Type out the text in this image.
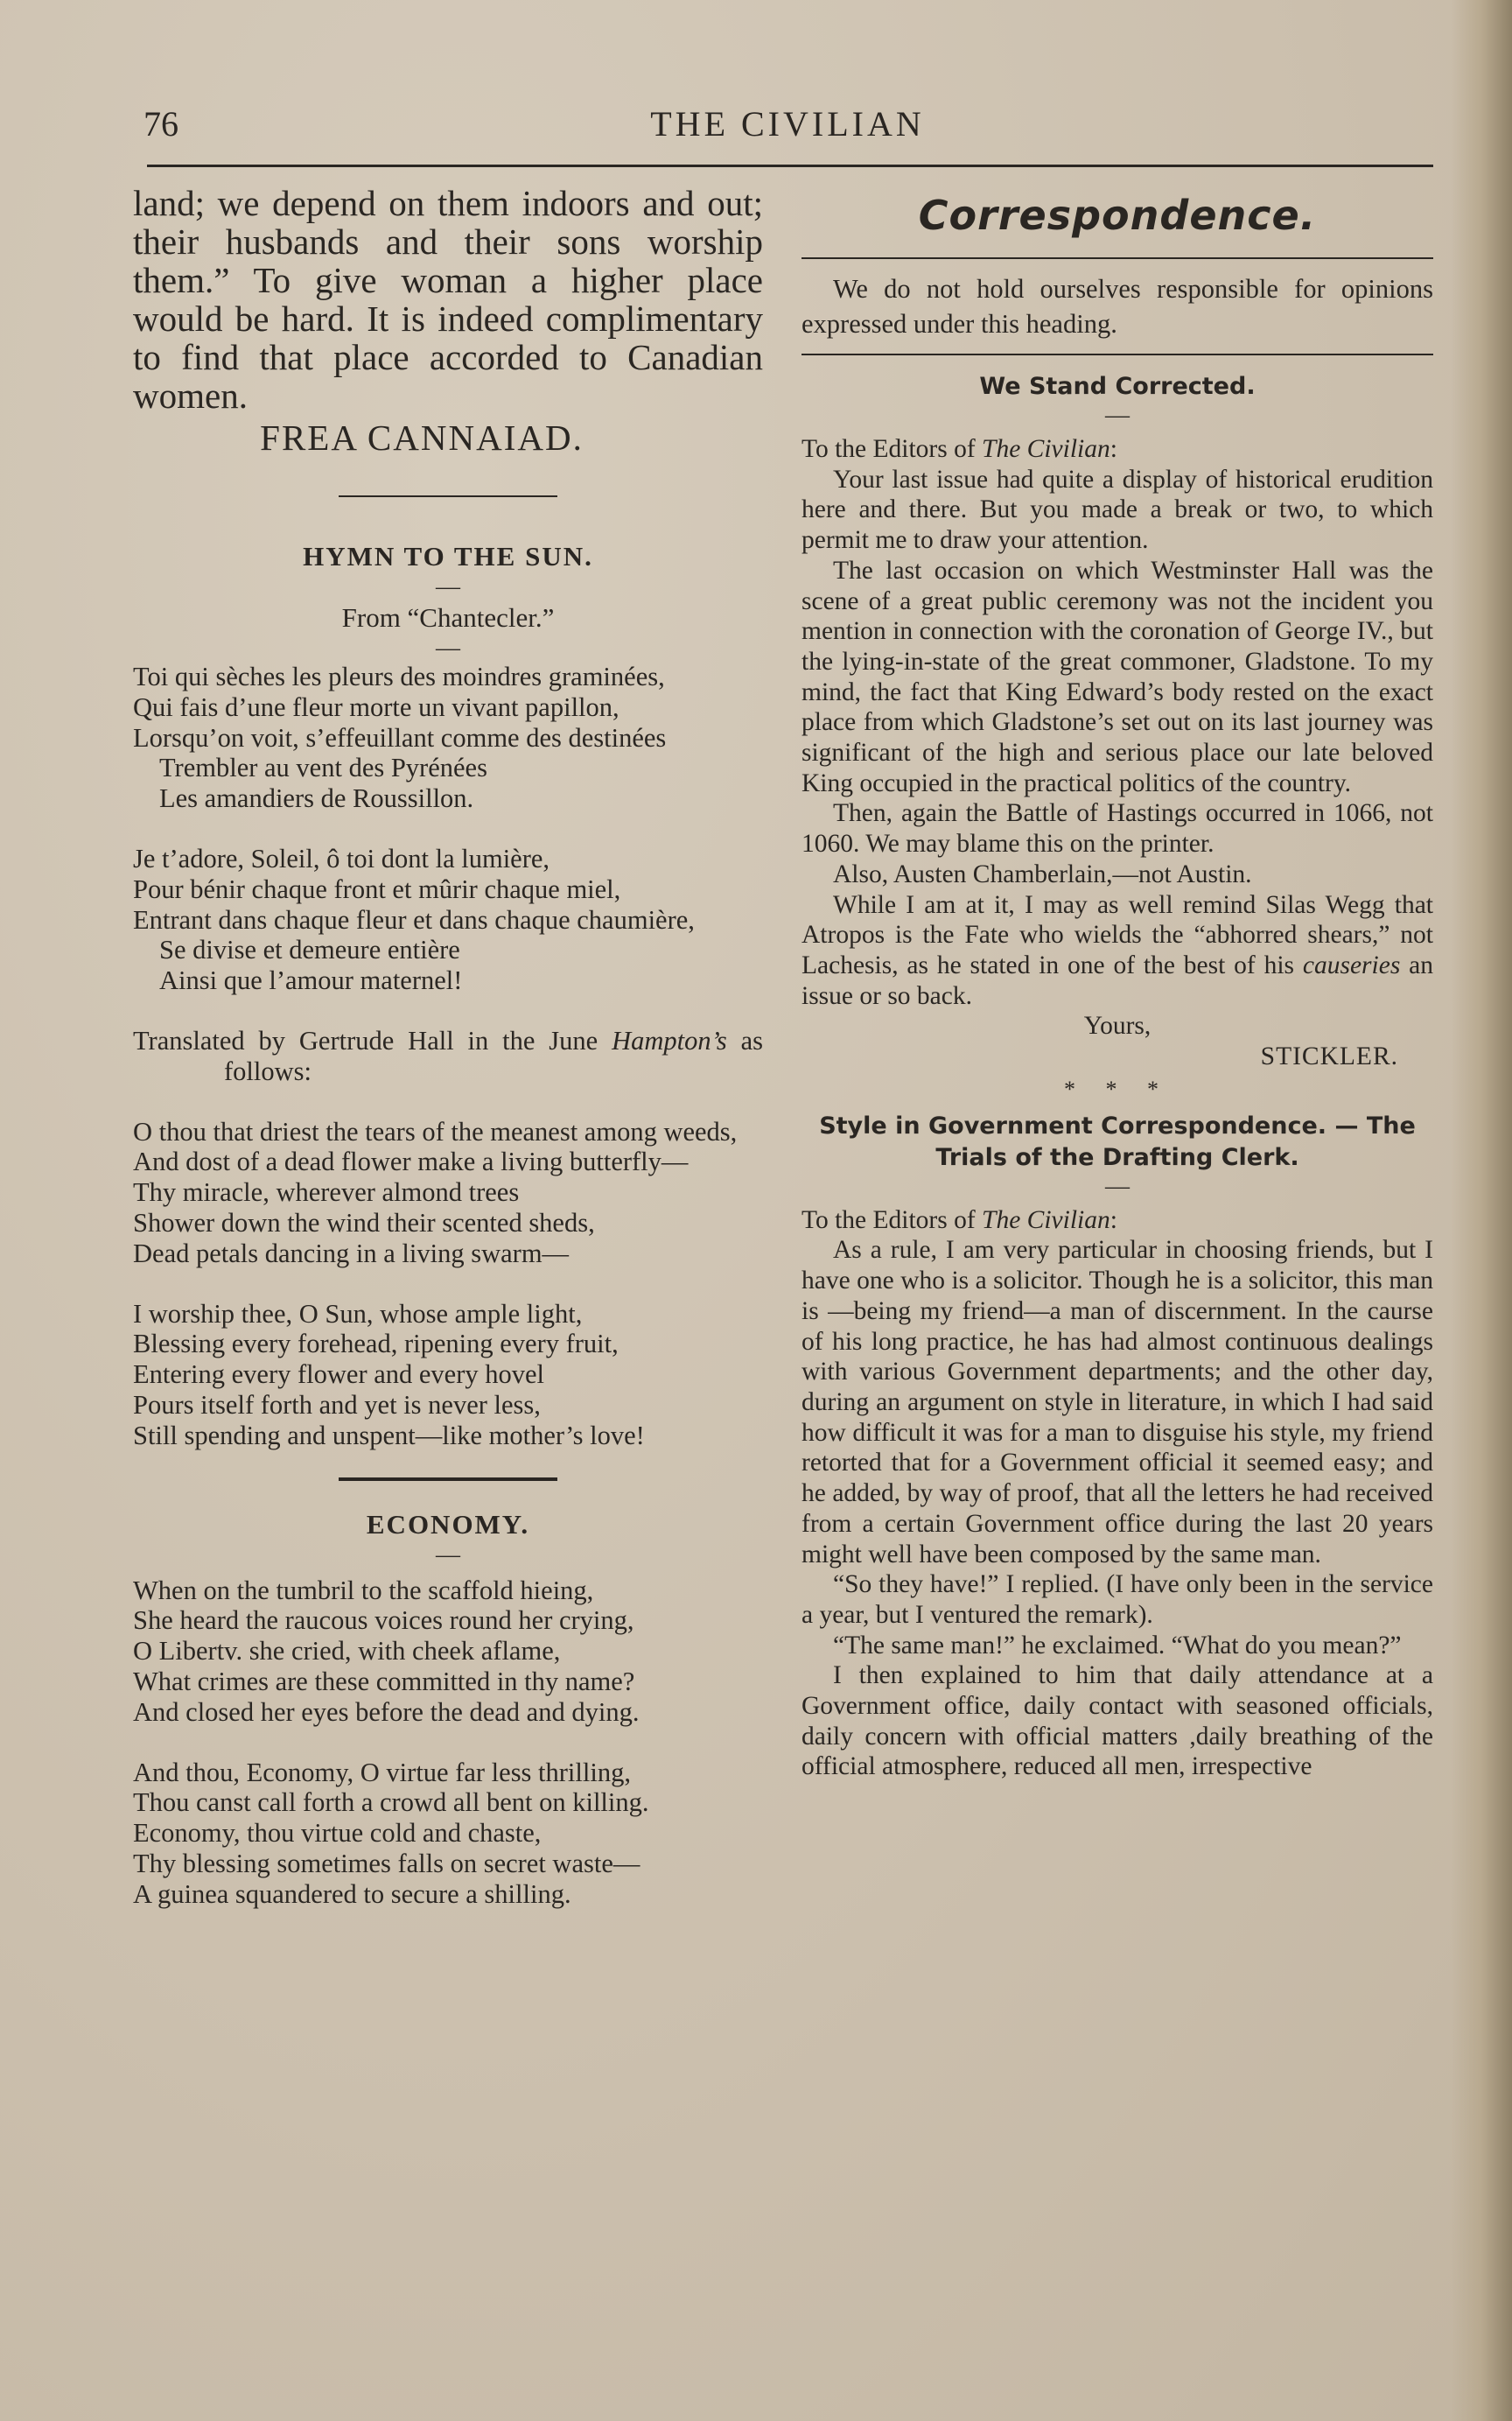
76	THE CIVILIAN

land; we depend on them indoors and out; their husbands and their sons worship them.” To give woman a higher place would be hard. It is indeed complimentary to find that place accorded to Canadian women.

FREA CANNAIAD.

HYMN TO THE SUN.
—
From “Chantecler.”
—
Toi qui sèches les pleurs des moindres graminées,
Qui fais d’une fleur morte un vivant papillon,
Lorsqu’on voit, s’effeuillant comme des destinées
Trembler au vent des Pyrénées
Les amandiers de Roussillon.
Je t’adore, Soleil, ô toi dont la lumière,
Pour bénir chaque front et mûrir chaque miel,
Entrant dans chaque fleur et dans chaque chaumière,
Se divise et demeure entière
Ainsi que l’amour maternel!

Translated by Gertrude Hall in the June Hampton’s as follows:

O thou that driest the tears of the meanest among weeds,
And dost of a dead flower make a living butterfly—
Thy miracle, wherever almond trees
Shower down the wind their scented sheds,
Dead petals dancing in a living swarm—
I worship thee, O Sun, whose ample light,
Blessing every forehead, ripening every fruit,
Entering every flower and every hovel
Pours itself forth and yet is never less,
Still spending and unspent—like mother’s love!
ECONOMY.
—
When on the tumbril to the scaffold hieing,
She heard the raucous voices round her crying,
O Libertv. she cried, with cheek aflame,
What crimes are these committed in thy name?
And closed her eyes before the dead and dying.
And thou, Economy, O virtue far less thrilling,
Thou canst call forth a crowd all bent on killing.
Economy, thou virtue cold and chaste,
Thy blessing sometimes falls on secret waste—
A guinea squandered to secure a shilling.
Correspondence.

We do not hold ourselves responsible for opinions expressed under this heading.

We Stand Corrected.
—

To the Editors of The Civilian:

Your last issue had quite a display of historical erudition here and there. But you made a break or two, to which permit me to draw your attention.

The last occasion on which Westminster Hall was the scene of a great public ceremony was not the incident you mention in connection with the coronation of George IV., but the lying-in-state of the great commoner, Gladstone. To my mind, the fact that King Edward’s body rested on the exact place from which Gladstone’s set out on its last journey was significant of the high and serious place our late beloved King occupied in the practical politics of the country.

Then, again the Battle of Hastings occurred in 1066, not 1060. We may blame this on the printer.

Also, Austen Chamberlain,—not Austin.

While I am at it, I may as well remind Silas Wegg that Atropos is the Fate who wields the “abhorred shears,” not Lachesis, as he stated in one of the best of his causeries an issue or so back.

Yours,

STICKLER.

* * *
Style in Government Correspondence. — The Trials of the Drafting Clerk.
—

To the Editors of The Civilian:

As a rule, I am very particular in choosing friends, but I have one who is a solicitor. Though he is a solicitor, this man is —being my friend—a man of discernment. In the caurse of his long practice, he has had almost continuous dealings with various Government departments; and the other day, during an argument on style in literature, in which I had said how difficult it was for a man to disguise his style, my friend retorted that for a Government official it seemed easy; and he added, by way of proof, that all the letters he had received from a certain Government office during the last 20 years might well have been composed by the same man.

“So they have!” I replied. (I have only been in the service a year, but I ventured the remark).

“The same man!” he exclaimed. “What do you mean?”

I then explained to him that daily attendance at a Government office, daily contact with seasoned officials, daily concern with official matters ,daily breathing of the official atmosphere, reduced all men, irrespective
